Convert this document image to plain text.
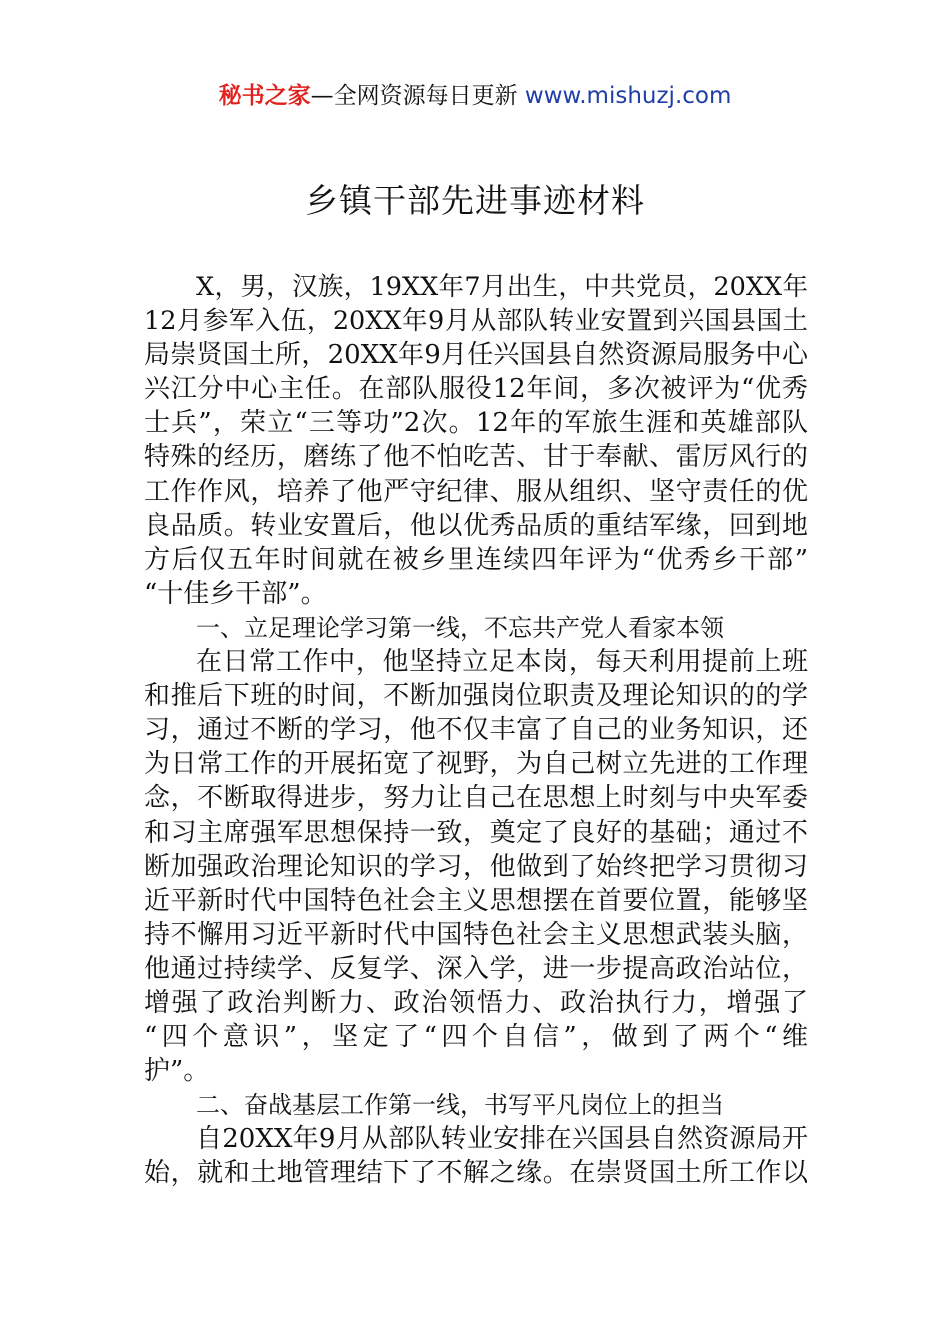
秘书之家—全网资源每日更新 www.mishuzj.com
乡镇干部先进事迹材料
X，男，汉族，19XX年7月出生，中共党员，20XX年
12月参军入伍，20XX年9月从部队转业安置到兴国县国土
局崇贤国土所，20XX年9月任兴国县自然资源局服务中心
兴江分中心主任。在部队服役12年间，多次被评为“优秀
士兵”，荣立“三等功”2次。12年的军旅生涯和英雄部队
特殊的经历，磨练了他不怕吃苦、甘于奉献、雷厉风行的
工作作风，培养了他严守纪律、服从组织、坚守责任的优
良品质。转业安置后，他以优秀品质的重结军缘，回到地
方后仅五年时间就在被乡里连续四年评为“优秀乡干部”
“十佳乡干部”。
一、立足理论学习第一线，不忘共产党人看家本领
在日常工作中，他坚持立足本岗，每天利用提前上班
和推后下班的时间，不断加强岗位职责及理论知识的的学
习，通过不断的学习，他不仅丰富了自己的业务知识，还
为日常工作的开展拓宽了视野，为自己树立先进的工作理
念，不断取得进步，努力让自己在思想上时刻与中央军委
和习主席强军思想保持一致，奠定了良好的基础；通过不
断加强政治理论知识的学习，他做到了始终把学习贯彻习
近平新时代中国特色社会主义思想摆在首要位置，能够坚
持不懈用习近平新时代中国特色社会主义思想武装头脑，
他通过持续学、反复学、深入学，进一步提高政治站位，
增强了政治判断力、政治领悟力、政治执行力，增强了
“四个意识”，坚定了“四个自信”，做到了两个“维
护”。
二、奋战基层工作第一线，书写平凡岗位上的担当
自20XX年9月从部队转业安排在兴国县自然资源局开
始，就和土地管理结下了不解之缘。在崇贤国土所工作以
